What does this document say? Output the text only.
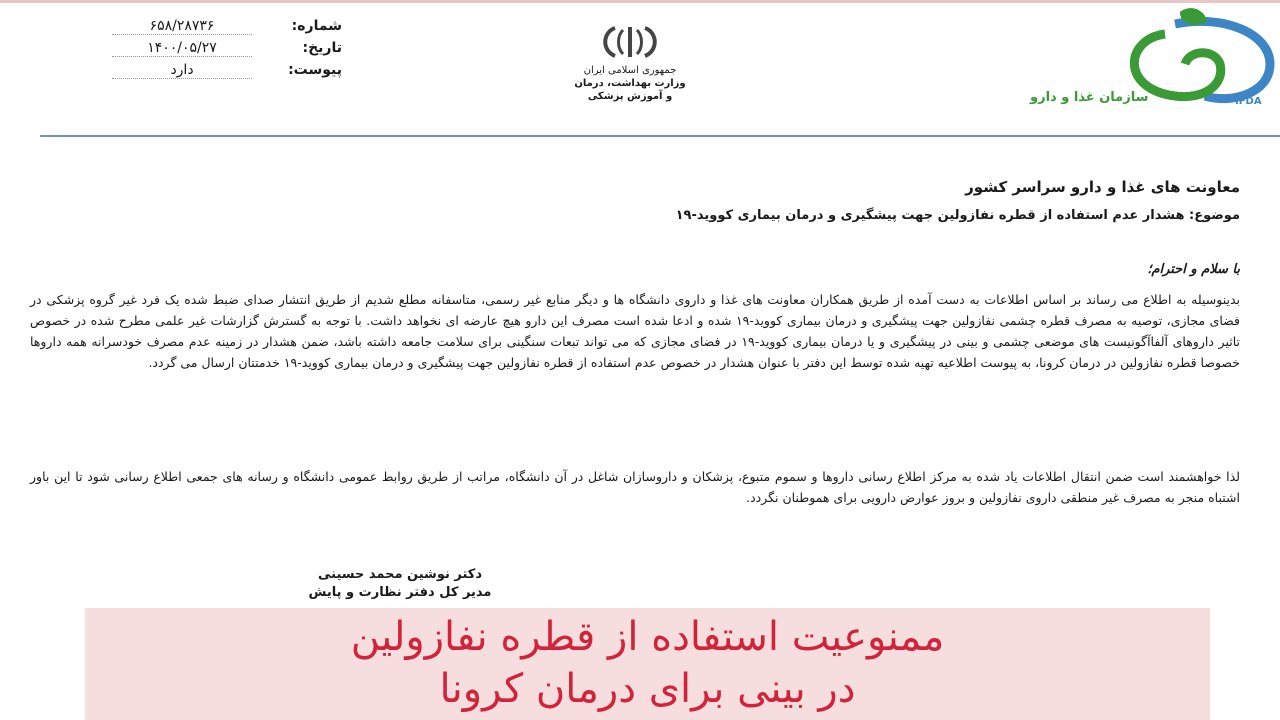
شماره:
۶۵۸/۲۸۷۳۶
تاریخ:
۱۴۰۰/۰۵/۲۷
پیوست:
دارد	جمهوری اسلامی ایران
وزارت بهداشت، درمان
و آموزش پزشکی	سازمان غذا و دارو	IFDA
معاونت های غذا و دارو سراسر کشور
موضوع: هشدار عدم استفاده از قطره نفازولین جهت پیشگیری و درمان بیماری کووید-۱۹
با سلام و احترام؛
بدینوسیله به اطلاع می رساند بر اساس اطلاعات به دست آمده از طریق همکاران معاونت های غذا و داروی دانشگاه ها و دیگر منابع غیر رسمی، متاسفانه مطلع شدیم از طریق انتشار صدای ضبط شده یک فرد غیر گروه پزشکی در فضای مجازی، توصیه به مصرف قطره چشمی نفازولین جهت پیشگیری و درمان بیماری کووید-۱۹ شده و ادعا شده است مصرف این دارو هیچ عارضه ای نخواهد داشت. با توجه به گسترش گزارشات غیر علمی مطرح شده در خصوص تاثیر داروهای آلفاآگونیست های موضعی چشمی و بینی در پیشگیری و یا درمان بیماری کووید-۱۹ در فضای مجازی که می تواند تبعات سنگینی برای سلامت جامعه داشته باشد، ضمن هشدار در زمینه عدم مصرف خودسرانه همه داروها خصوصا قطره نفازولین در درمان کرونا، به پیوست اطلاعیه تهیه شده توسط این دفتر با عنوان هشدار در خصوص عدم استفاده از قطره نفازولین جهت پیشگیری و درمان بیماری کووید-۱۹ خدمتتان ارسال می گردد.
لذا خواهشمند است ضمن انتقال اطلاعات یاد شده به مرکز اطلاع رسانی داروها و سموم متبوع، پزشکان و داروسازان شاغل در آن دانشگاه، مراتب از طریق روابط عمومی دانشگاه و رسانه های جمعی اطلاع رسانی شود تا این باور اشتباه منجر به مصرف غیر منطقی داروی نفازولین و بروز عوارض دارویی برای هموطنان نگردد.
دکتر نوشین محمد حسینی
مدیر کل دفتر نظارت و پایش
ممنوعیت استفاده از قطره نفازولین
در بینی برای درمان کرونا
